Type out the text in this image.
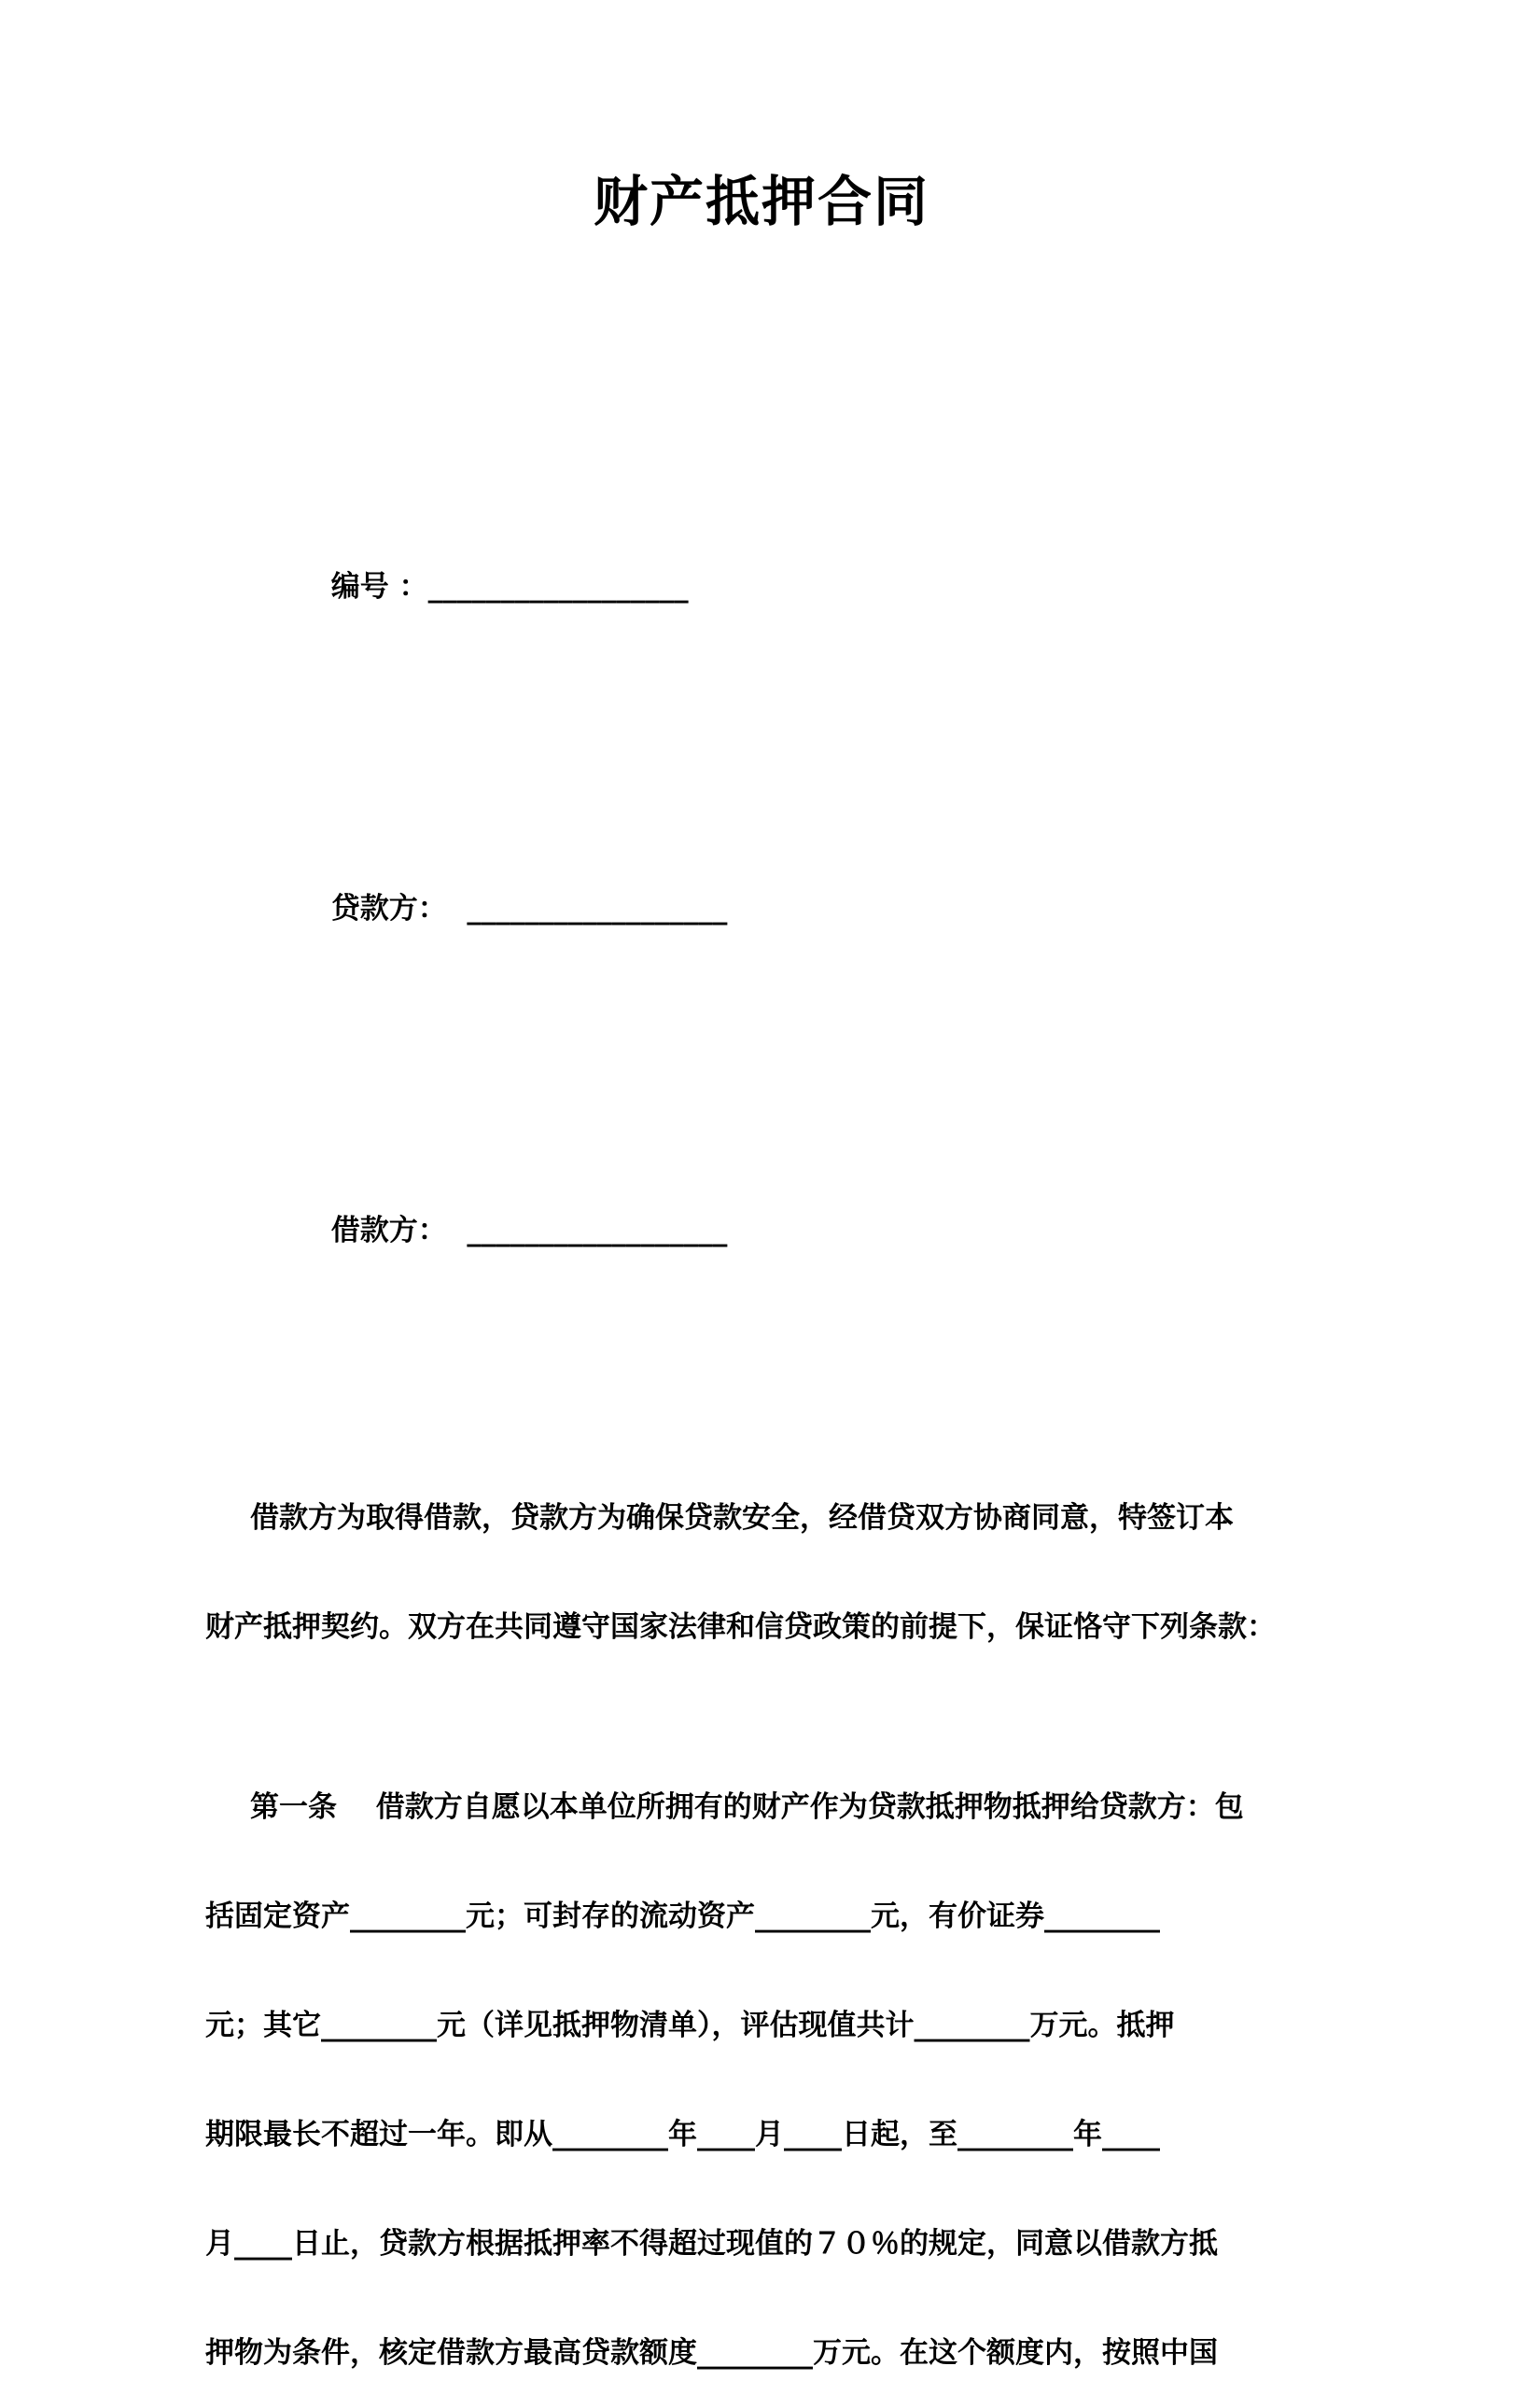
财产抵押合同

编号 ：__________________

贷款方：  __________________

借款方：  __________________

借款方为取得借款，贷款方为确保贷款安全，经借贷双方协商同意，特签订本
财产抵押契约。双方在共同遵守国家法律和信贷政策的前提下，保证恪守下列条款：
第一条　 借款方自愿以本单位所拥有的财产作为贷款抵押物抵押给贷款方：包
括固定资产________元；可封存的流动资产________元，有价证券________
元；其它________元（详见抵押物清单），评估现值共计________万元。抵押
期限最长不超过一年。即从________年____月____日起，至________年____
月____日止，贷款方根据抵押率不得超过现值的７０％的规定，同意以借款方抵
押物为条件，核定借款方最高贷款额度________万元。在这个额度内，按照中国
